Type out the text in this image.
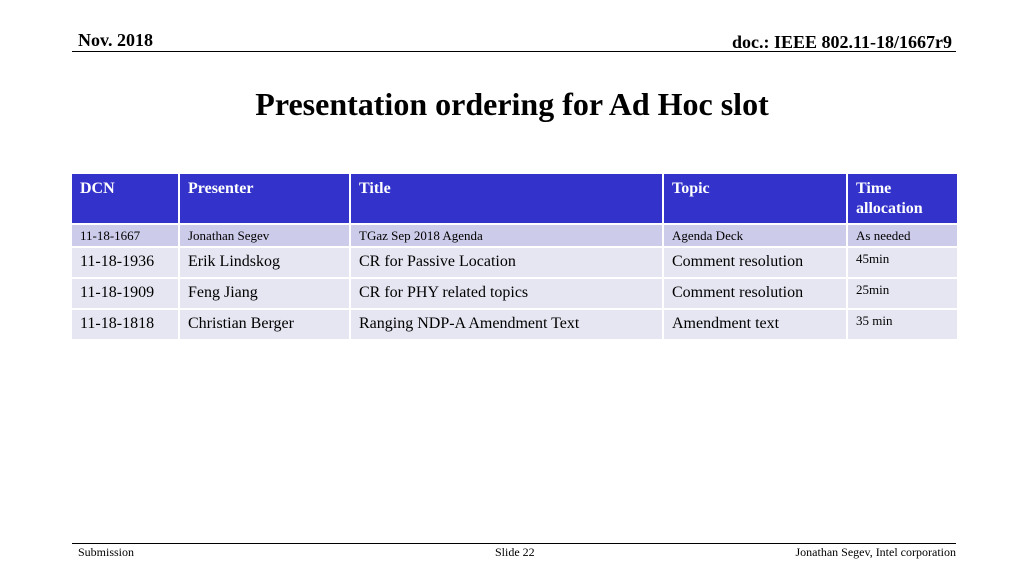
Nov. 2018	doc.: IEEE 802.11-18/1667r9
Presentation ordering for Ad Hoc slot
DCN	Presenter	Title	Topic	Time allocation
11-18-1667	Jonathan Segev	TGaz Sep 2018 Agenda	Agenda Deck	As needed
11-18-1936	Erik Lindskog	CR for Passive Location	Comment resolution	45min
11-18-1909	Feng Jiang	CR for PHY related topics	Comment resolution	25min
11-18-1818	Christian Berger	Ranging NDP-A Amendment Text	Amendment text	35 min
Submission	Slide 22	Jonathan Segev, Intel corporation
